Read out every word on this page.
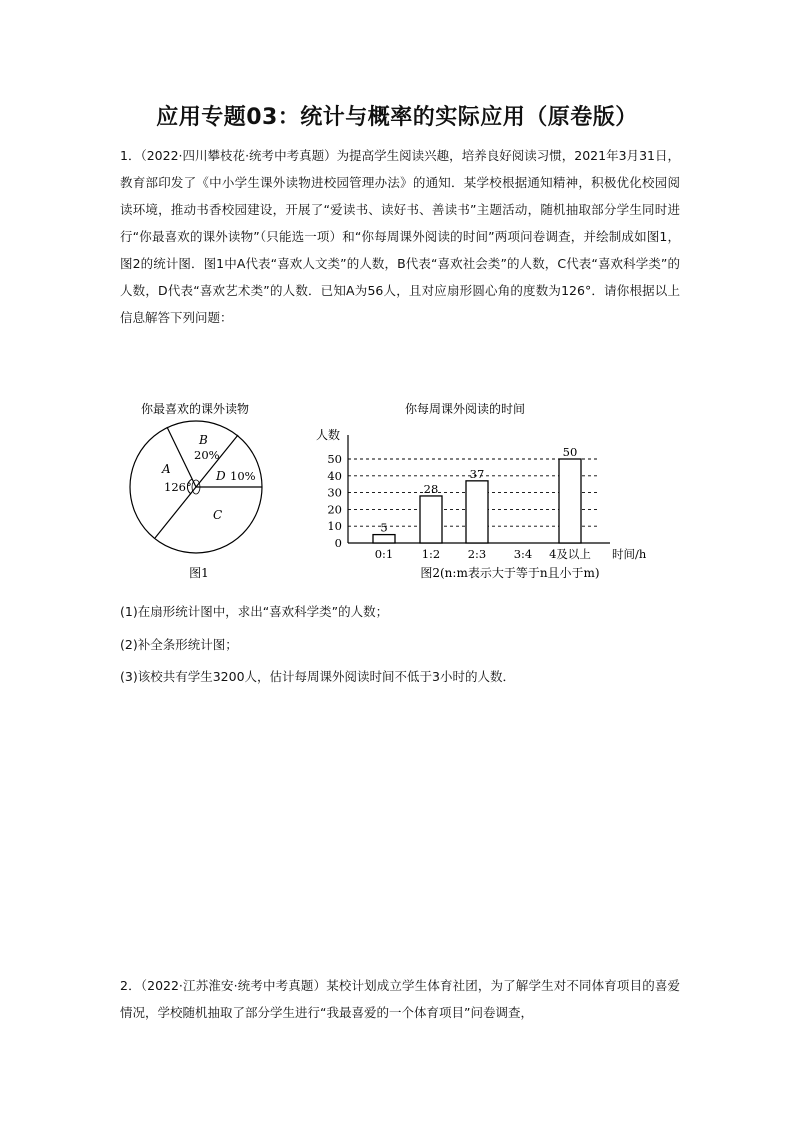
应用专题03：统计与概率的实际应用（原卷版）
1．（2022·四川攀枝花·统考中考真题）为提高学生阅读兴趣，培养良好阅读习惯，2021年3月31日，教育部印发了《中小学生课外读物进校园管理办法》的通知．某学校根据通知精神，积极优化校园阅读环境，推动书香校园建设，开展了“爱读书、读好书、善读书”主题活动，随机抽取部分学生同时进行“你最喜欢的课外读物”（只能选一项）和“你每周课外阅读的时间”两项问卷调查，并绘制成如图1，图2的统计图．图1中A代表“喜欢人文类”的人数，B代表“喜欢社会类”的人数，C代表“喜欢科学类”的人数，D代表“喜欢艺术类”的人数．已知A为56人，且对应扇形圆心角的度数为126°．请你根据以上信息解答下列问题：
你最喜欢的课外读物
A
126°
B
20%
D 10%
C
图1
你每周课外阅读的时间
人数
0
10
20
30
40
50
5
28
37
50
0:1 1:2 2:3 3:4 4及以上 时间/h
图2(n:m表示大于等于n且小于m)
(1)在扇形统计图中，求出“喜欢科学类”的人数；
(2)补全条形统计图；
(3)该校共有学生3200人，估计每周课外阅读时间不低于3小时的人数．
2．（2022·江苏淮安·统考中考真题）某校计划成立学生体育社团，为了解学生对不同体育项目的喜爱情况，学校随机抽取了部分学生进行“我最喜爱的一个体育项目”问卷调查，
